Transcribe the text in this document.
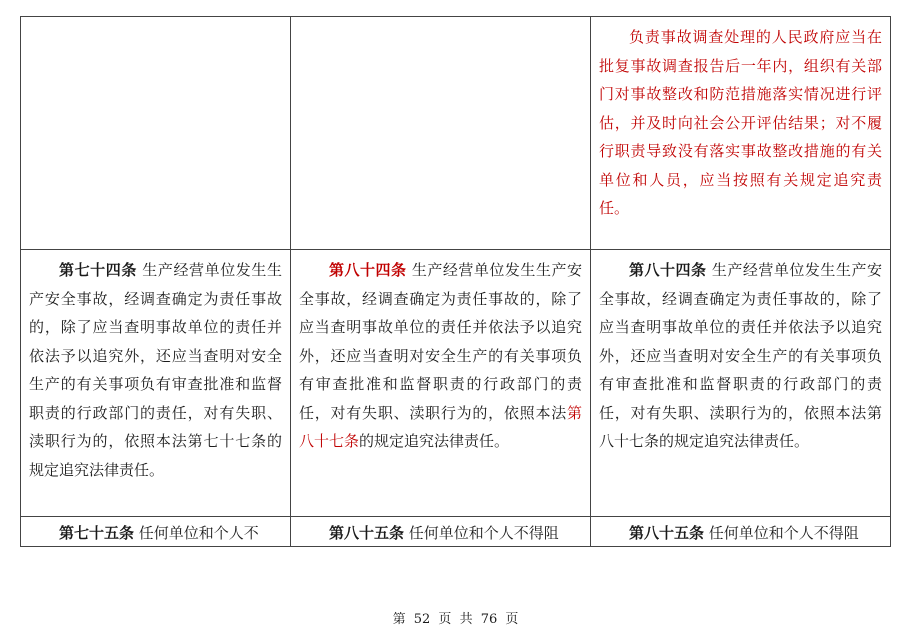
		负责事故调查处理的人民政府应当在批复事故调查报告后一年内，组织有关部门对事故整改和防范措施落实情况进行评估，并及时向社会公开评估结果；对不履行职责导致没有落实事故整改措施的有关单位和人员，应当按照有关规定追究责任。

第七十四条 生产经营单位发生生产安全事故，经调查确定为责任事故的，除了应当查明事故单位的责任并依法予以追究外，还应当查明对安全生产的有关事项负有审查批准和监督职责的行政部门的责任，对有失职、渎职行为的，依照本法第七十七条的规定追究法律责任。	第八十四条 生产经营单位发生生产安全事故，经调查确定为责任事故的，除了应当查明事故单位的责任并依法予以追究外，还应当查明对安全生产的有关事项负有审查批准和监督职责的行政部门的责任，对有失职、渎职行为的，依照本法第八十七条的规定追究法律责任。	第八十四条 生产经营单位发生生产安全事故，经调查确定为责任事故的，除了应当查明事故单位的责任并依法予以追究外，还应当查明对安全生产的有关事项负有审查批准和监督职责的行政部门的责任，对有失职、渎职行为的，依照本法第八十七条的规定追究法律责任。

第七十五条 任何单位和个人不	第八十五条 任何单位和个人不得阻	第八十五条 任何单位和个人不得阻

第 52 页 共 76 页
